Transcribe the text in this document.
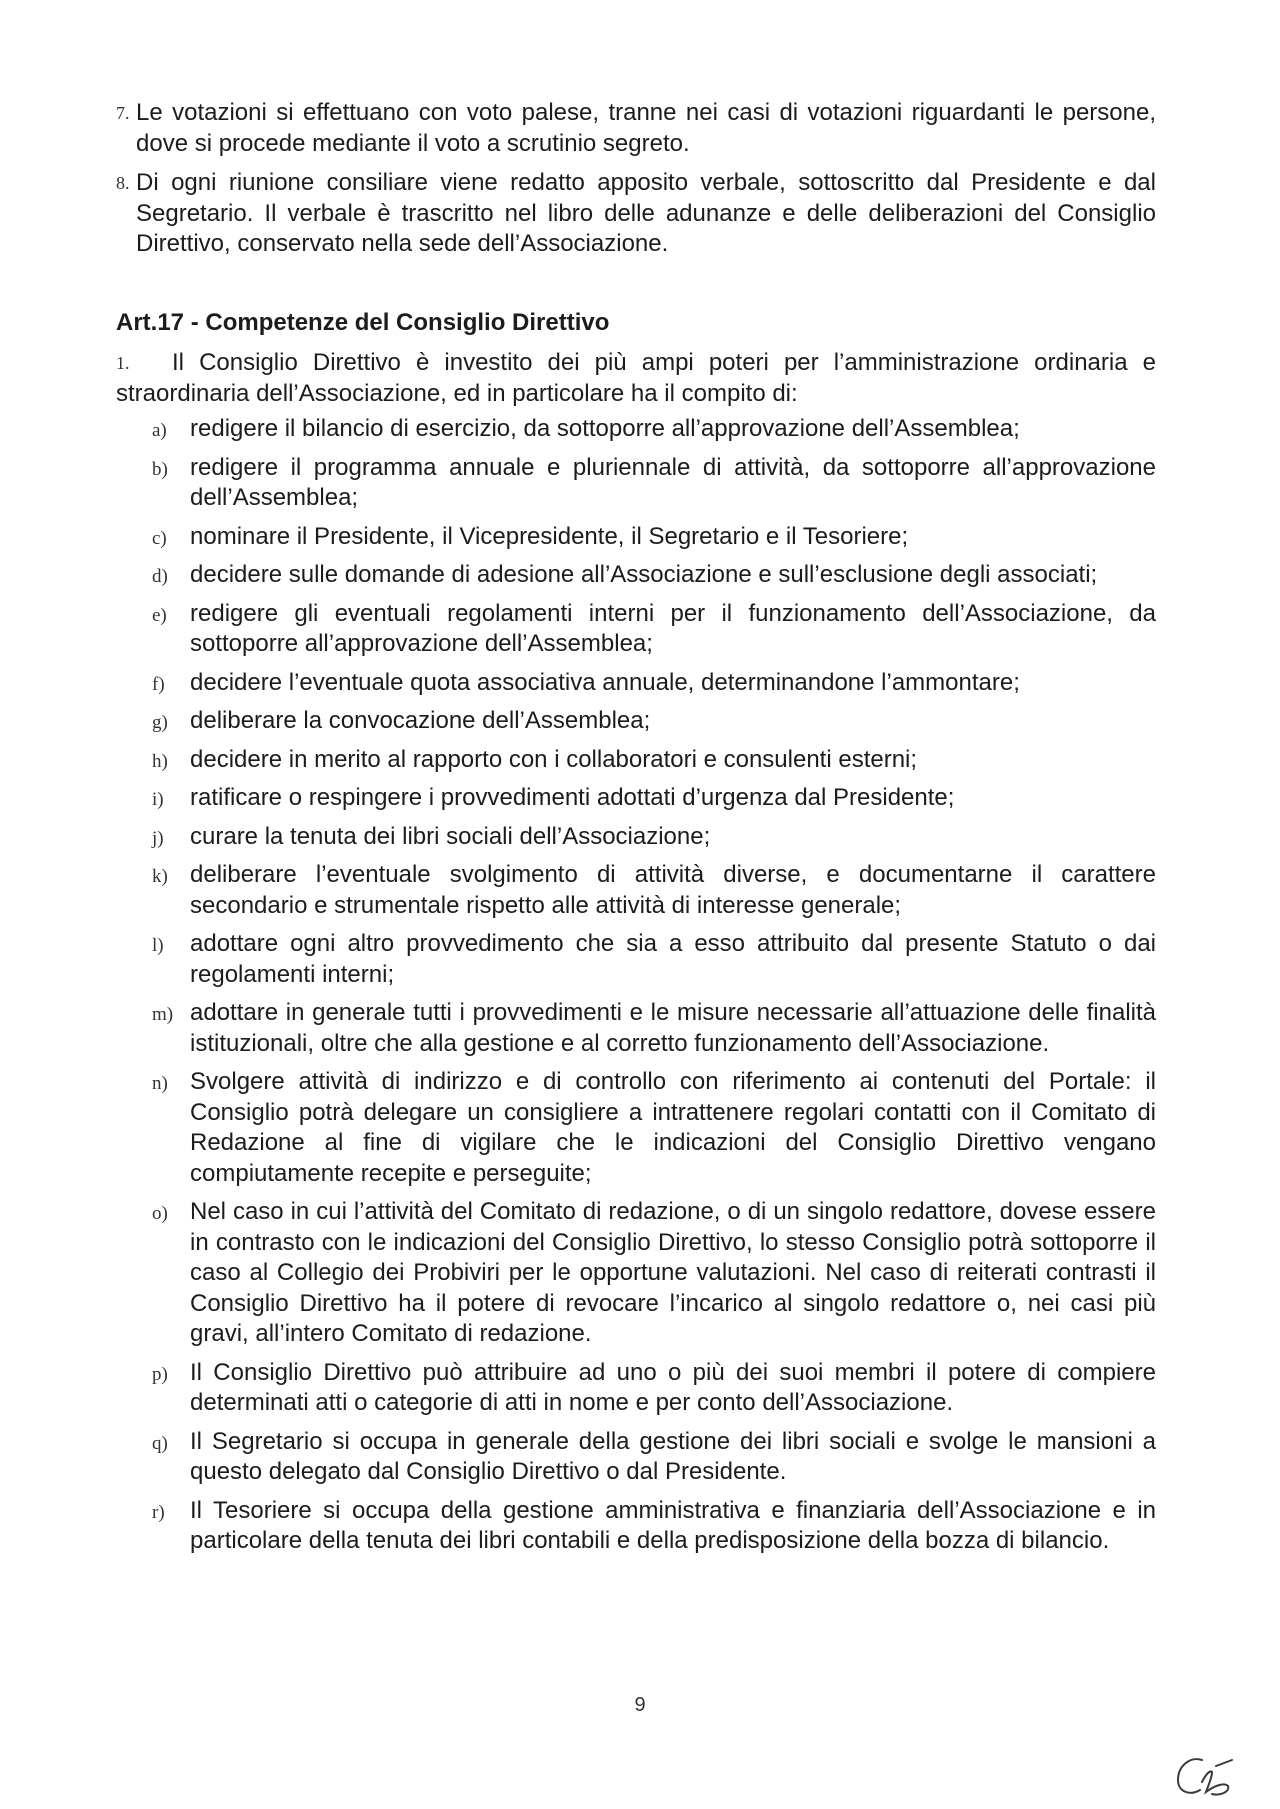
7. Le votazioni si effettuano con voto palese, tranne nei casi di votazioni riguardanti le persone, dove si procede mediante il voto a scrutinio segreto.
8. Di ogni riunione consiliare viene redatto apposito verbale, sottoscritto dal Presidente e dal Segretario. Il verbale è trascritto nel libro delle adunanze e delle deliberazioni del Consiglio Direttivo, conservato nella sede dell’Associazione.
Art.17 - Competenze del Consiglio Direttivo
1.	Il Consiglio Direttivo è investito dei più ampi poteri per l’amministrazione ordinaria e straordinaria dell’Associazione, ed in particolare ha il compito di:
a) redigere il bilancio di esercizio, da sottoporre all’approvazione dell’Assemblea;
b) redigere il programma annuale e pluriennale di attività, da sottoporre all’approvazione dell’Assemblea;
c) nominare il Presidente, il Vicepresidente, il Segretario e il Tesoriere;
d) decidere sulle domande di adesione all’Associazione e sull’esclusione degli associati;
e) redigere gli eventuali regolamenti interni per il funzionamento dell’Associazione, da sottoporre all’approvazione dell’Assemblea;
f) decidere l’eventuale quota associativa annuale, determinandone l’ammontare;
g) deliberare la convocazione dell’Assemblea;
h) decidere in merito al rapporto con i collaboratori e consulenti esterni;
i) ratificare o respingere i provvedimenti adottati d’urgenza dal Presidente;
j) curare la tenuta dei libri sociali dell’Associazione;
k) deliberare l’eventuale svolgimento di attività diverse, e documentarne il carattere secondario e strumentale rispetto alle attività di interesse generale;
l) adottare ogni altro provvedimento che sia a esso attribuito dal presente Statuto o dai regolamenti interni;
m) adottare in generale tutti i provvedimenti e le misure necessarie all’attuazione delle finalità istituzionali, oltre che alla gestione e al corretto funzionamento dell’Associazione.
n) Svolgere attività di indirizzo e di controllo con riferimento ai contenuti del Portale: il Consiglio potrà delegare un consigliere a intrattenere regolari contatti con il Comitato di Redazione al fine di vigilare che le indicazioni del Consiglio Direttivo vengano compiutamente recepite e perseguite;
o) Nel caso in cui l’attività del Comitato di redazione, o di un singolo redattore, dovese essere in contrasto con le indicazioni del Consiglio Direttivo, lo stesso Consiglio potrà sottoporre il caso al Collegio dei Probiviri per le opportune valutazioni. Nel caso di reiterati contrasti il Consiglio Direttivo ha il potere di revocare l’incarico al singolo redattore o, nei casi più gravi, all’intero Comitato di redazione.
p) Il Consiglio Direttivo può attribuire ad uno o più dei suoi membri il potere di compiere determinati atti o categorie di atti in nome e per conto dell’Associazione.
q) Il Segretario si occupa in generale della gestione dei libri sociali e svolge le mansioni a questo delegato dal Consiglio Direttivo o dal Presidente.
r) Il Tesoriere si occupa della gestione amministrativa e finanziaria dell’Associazione e in particolare della tenuta dei libri contabili e della predisposizione della bozza di bilancio.
9
